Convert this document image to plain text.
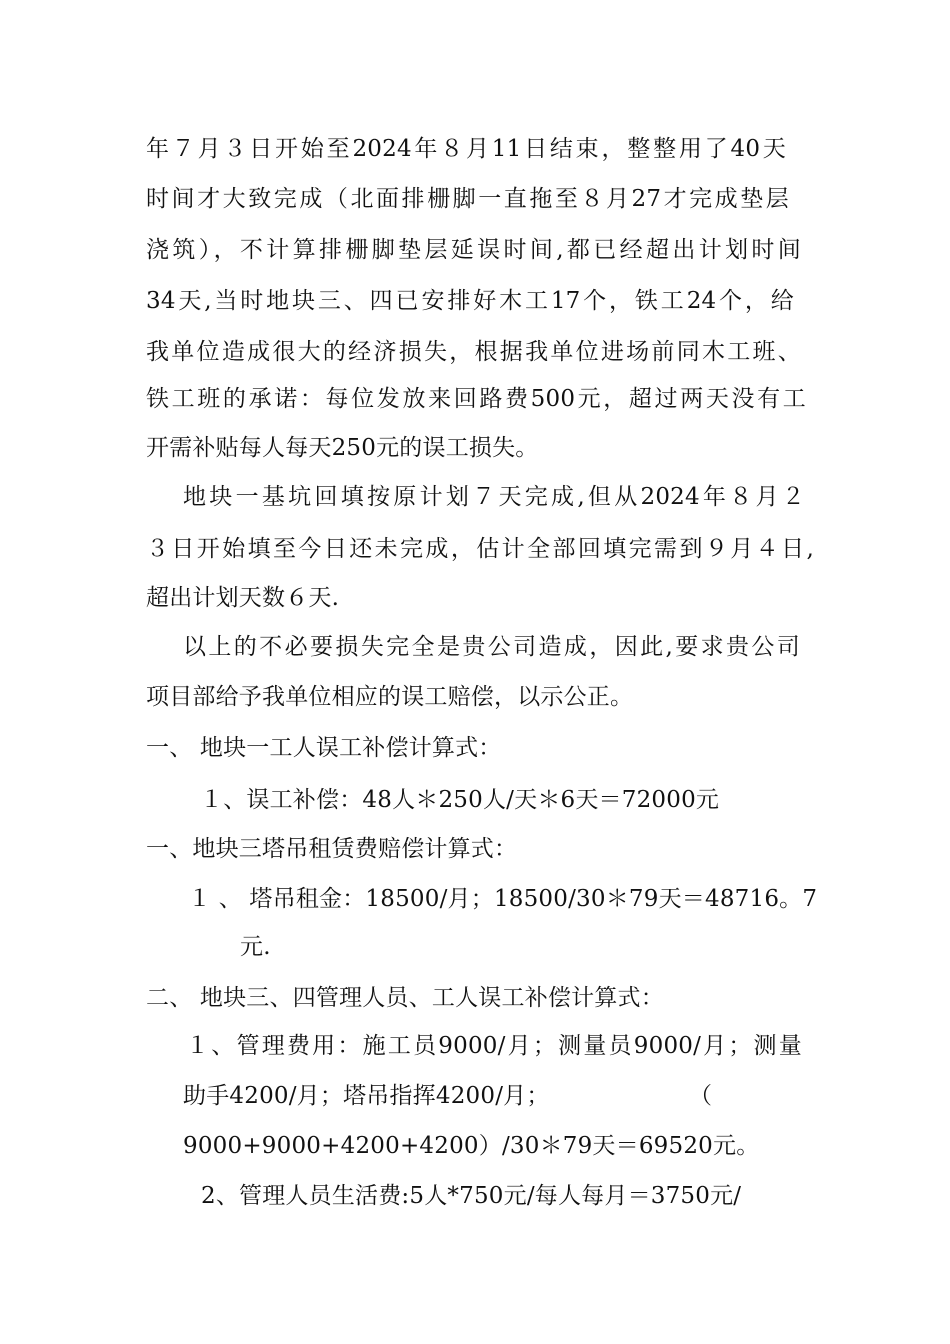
年７月３日开始至2024年８月11日结束，整整用了40天
时间才大致完成（北面排栅脚一直拖至８月27才完成垫层
浇筑），不计算排栅脚垫层延误时间,都已经超出计划时间
34天,当时地块三、四已安排好木工17个，铁工24个，给
我单位造成很大的经济损失，根据我单位进场前同木工班、
铁工班的承诺：每位发放来回路费500元，超过两天没有工
开需补贴每人每天250元的误工损失。
地块一基坑回填按原计划７天完成,但从2024年８月２
３日开始填至今日还未完成，估计全部回填完需到９月４日,
超出计划天数６天.
以上的不必要损失完全是贵公司造成，因此,要求贵公司
项目部给予我单位相应的误工赔偿，以示公正。
一、 地块一工人误工补偿计算式：
１、误工补偿：48人＊250人/天＊6天＝72000元
一、地块三塔吊租赁费赔偿计算式：
１ 、 塔吊租金：18500/月；18500/30＊79天＝48716。7
元.
二、 地块三、四管理人员、工人误工补偿计算式：
１、管理费用：施工员9000/月；测量员9000/月；测量
助手4200/月；塔吊指挥4200/月；　　　　　　　（
9000+9000+4200+4200）/30＊79天＝69520元。
2、管理人员生活费:5人*750元/每人每月＝3750元/
